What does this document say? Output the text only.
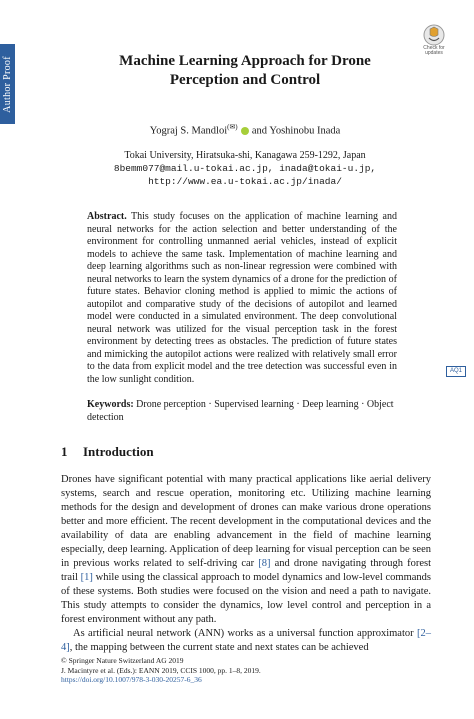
Author Proof
Check for
updates
Machine Learning Approach for Drone
Perception and Control
Yograj S. Mandloi(✉) and Yoshinobu Inada
Tokai University, Hiratsuka-shi, Kanagawa 259-1292, Japan
8bemm077@mail.u-tokai.ac.jp, inada@tokai-u.jp,
http://www.ea.u-tokai.ac.jp/inada/
Abstract. This study focuses on the application of machine learning and neural networks for the action selection and better understanding of the environment for controlling unmanned aerial vehicles, instead of explicit models to achieve the same task. Implementation of machine learning and deep learning algorithms such as non-linear regression were combined with neural networks to learn the system dynamics of a drone for the prediction of future states. Behavior cloning method is applied to mimic the actions of autopilot and comparative study of the decisions of autopilot and learned model were conducted in a simulated environment. The deep convolutional neural network was utilized for the visual perception task in the forest environment by detecting trees as obstacles. The prediction of future states and mimicking the autopilot actions were realized with relatively small error to the data from explicit model and the tree detection was successful even in the low sunlight condition.
AQ1
Keywords: Drone perception · Supervised learning · Deep learning · Object detection
1 Introduction

Drones have significant potential with many practical applications like aerial delivery systems, search and rescue operation, monitoring etc. Utilizing machine learning methods for the design and development of drones can make various drone operations better and more efficient. The recent development in the computational devices and the availability of data are enabling advancement in the field of machine learning especially, deep learning. Application of deep learning for visual perception can be seen in previous works related to self-driving car [8] and drone navigating through forest trail [1] while using the classical approach to model dynamics and low-level commands of these systems. Both studies were focused on the vision and need a path to navigate. This study attempts to consider the dynamics, low level control and perception in a forest environment without any path.

As artificial neural network (ANN) works as a universal function approximator [2–4], the mapping between the current state and next states can be achieved

© Springer Nature Switzerland AG 2019
J. Macintyre et al. (Eds.): EANN 2019, CCIS 1000, pp. 1–8, 2019.
https://doi.org/10.1007/978-3-030-20257-6_36
